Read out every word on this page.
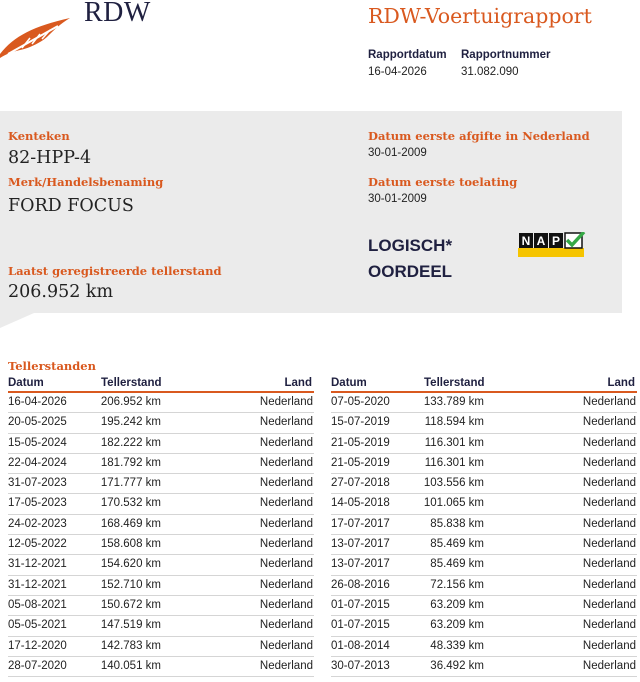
RDW	RDW-Voertuigrapport
Rapportdatum
16-04-2026
Rapportnummer
31.082.090
Kenteken
82-HPP-4
Merk/Handelsbenaming
FORD FOCUS
Laatst geregistreerde tellerstand
206.952 km
Datum eerste afgifte in Nederland
30-01-2009
Datum eerste toelating
30-01-2009
LOGISCH*
OORDEEL
N A P
Tellerstanden
Datum	Tellerstand	Land
16-04-2026	206.952 km	Nederland
20-05-2025	195.242 km	Nederland
15-05-2024	182.222 km	Nederland
22-04-2024	181.792 km	Nederland
31-07-2023	171.777 km	Nederland
17-05-2023	170.532 km	Nederland
24-02-2023	168.469 km	Nederland
12-05-2022	158.608 km	Nederland
31-12-2021	154.620 km	Nederland
31-12-2021	152.710 km	Nederland
05-08-2021	150.672 km	Nederland
05-05-2021	147.519 km	Nederland
17-12-2020	142.783 km	Nederland
28-07-2020	140.051 km	Nederland
Datum	Tellerstand	Land
07-05-2020	133.789 km	Nederland
15-07-2019	118.594 km	Nederland
21-05-2019	116.301 km	Nederland
21-05-2019	116.301 km	Nederland
27-07-2018	103.556 km	Nederland
14-05-2018	101.065 km	Nederland
17-07-2017	85.838 km	Nederland
13-07-2017	85.469 km	Nederland
13-07-2017	85.469 km	Nederland
26-08-2016	72.156 km	Nederland
01-07-2015	63.209 km	Nederland
01-07-2015	63.209 km	Nederland
01-08-2014	48.339 km	Nederland
30-07-2013	36.492 km	Nederland
